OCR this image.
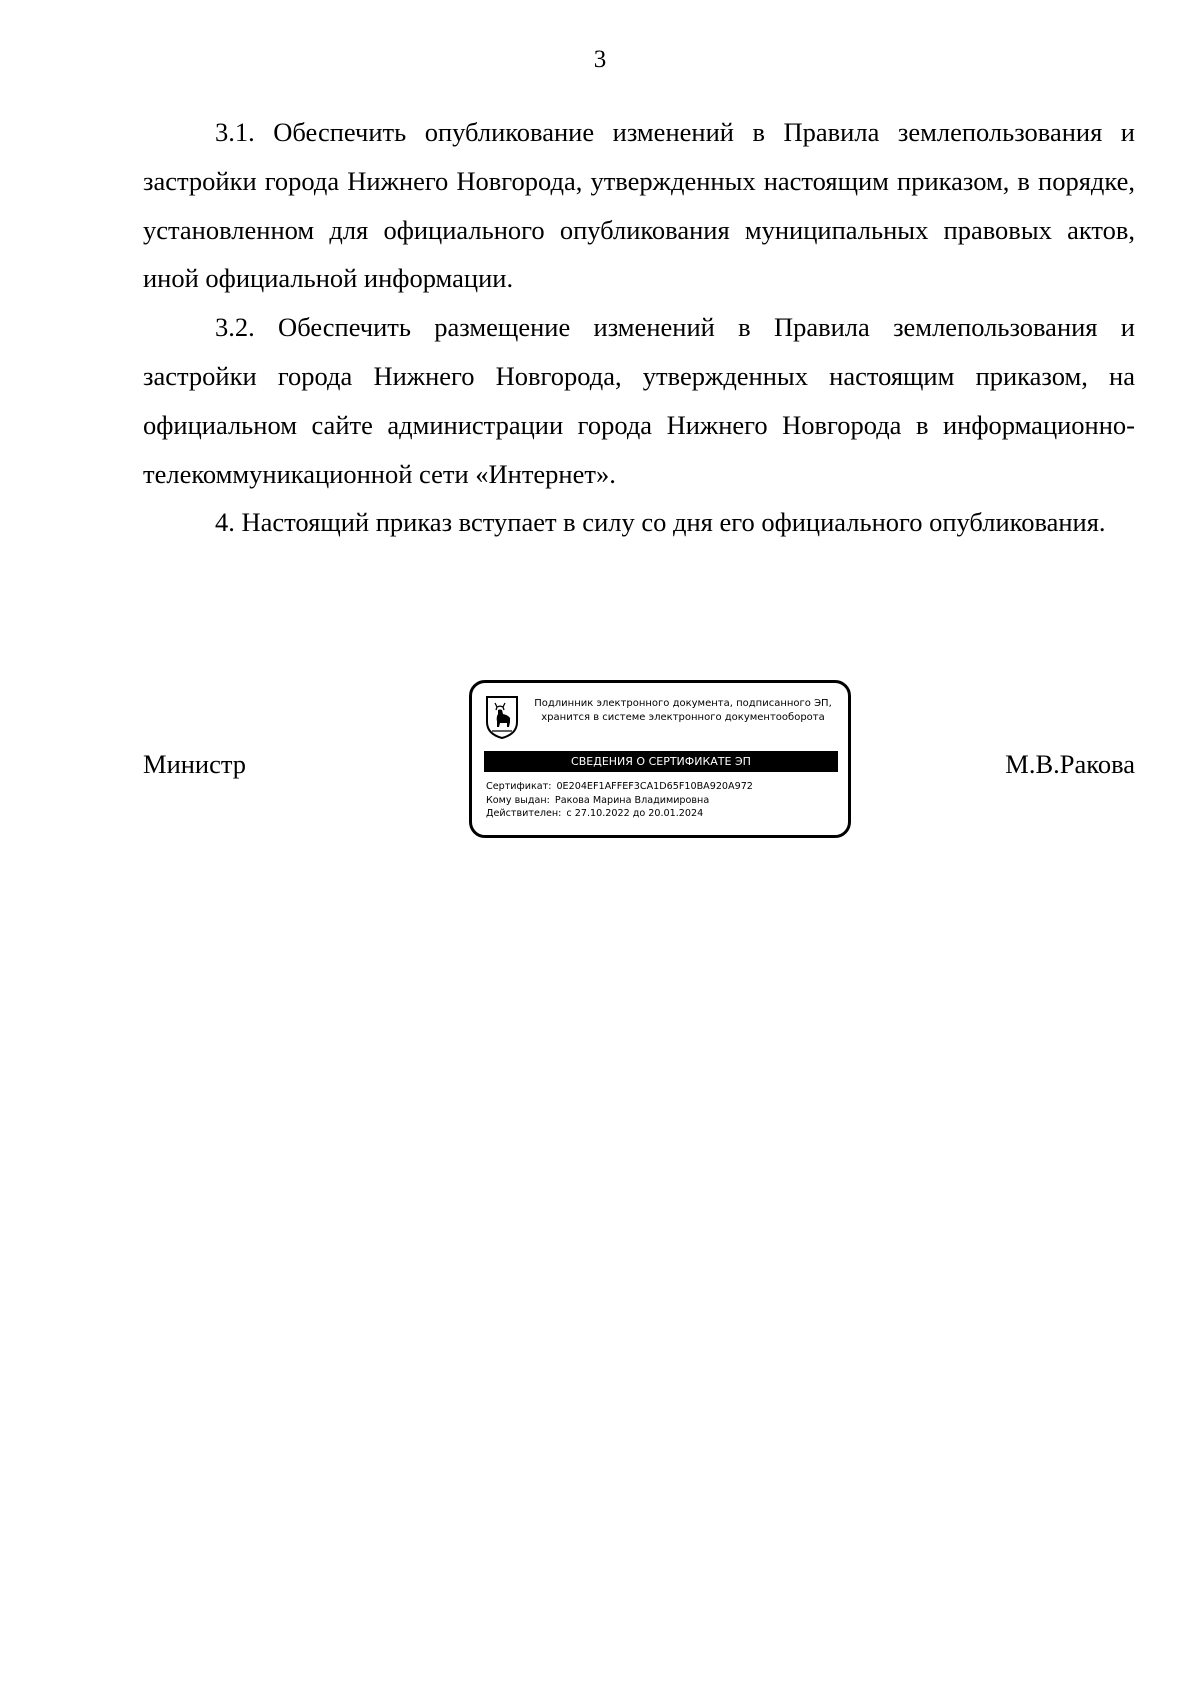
3

3.1. Обеспечить опубликование изменений в Правила землепользования и застройки города Нижнего Новгорода, утвержденных настоящим приказом, в порядке, установленном для официального опубликования муниципальных правовых актов, иной официальной информации.

3.2. Обеспечить размещение изменений в Правила землепользования и застройки города Нижнего Новгорода, утвержденных настоящим приказом, на официальном сайте администрации города Нижнего Новгорода в информационно-телекоммуникационной сети «Интернет».

4. Настоящий приказ вступает в силу со дня его официального опубликования.

Министр
Подлинник электронного документа, подписанного ЭП,
хранится в системе электронного документооборота
СВЕДЕНИЯ О СЕРТИФИКАТЕ ЭП
Сертификат: 0E204EF1AFFEF3CA1D65F10BA920A972
Кому выдан: Ракова Марина Владимировна
Действителен: с 27.10.2022 до 20.01.2024
М.В.Ракова
